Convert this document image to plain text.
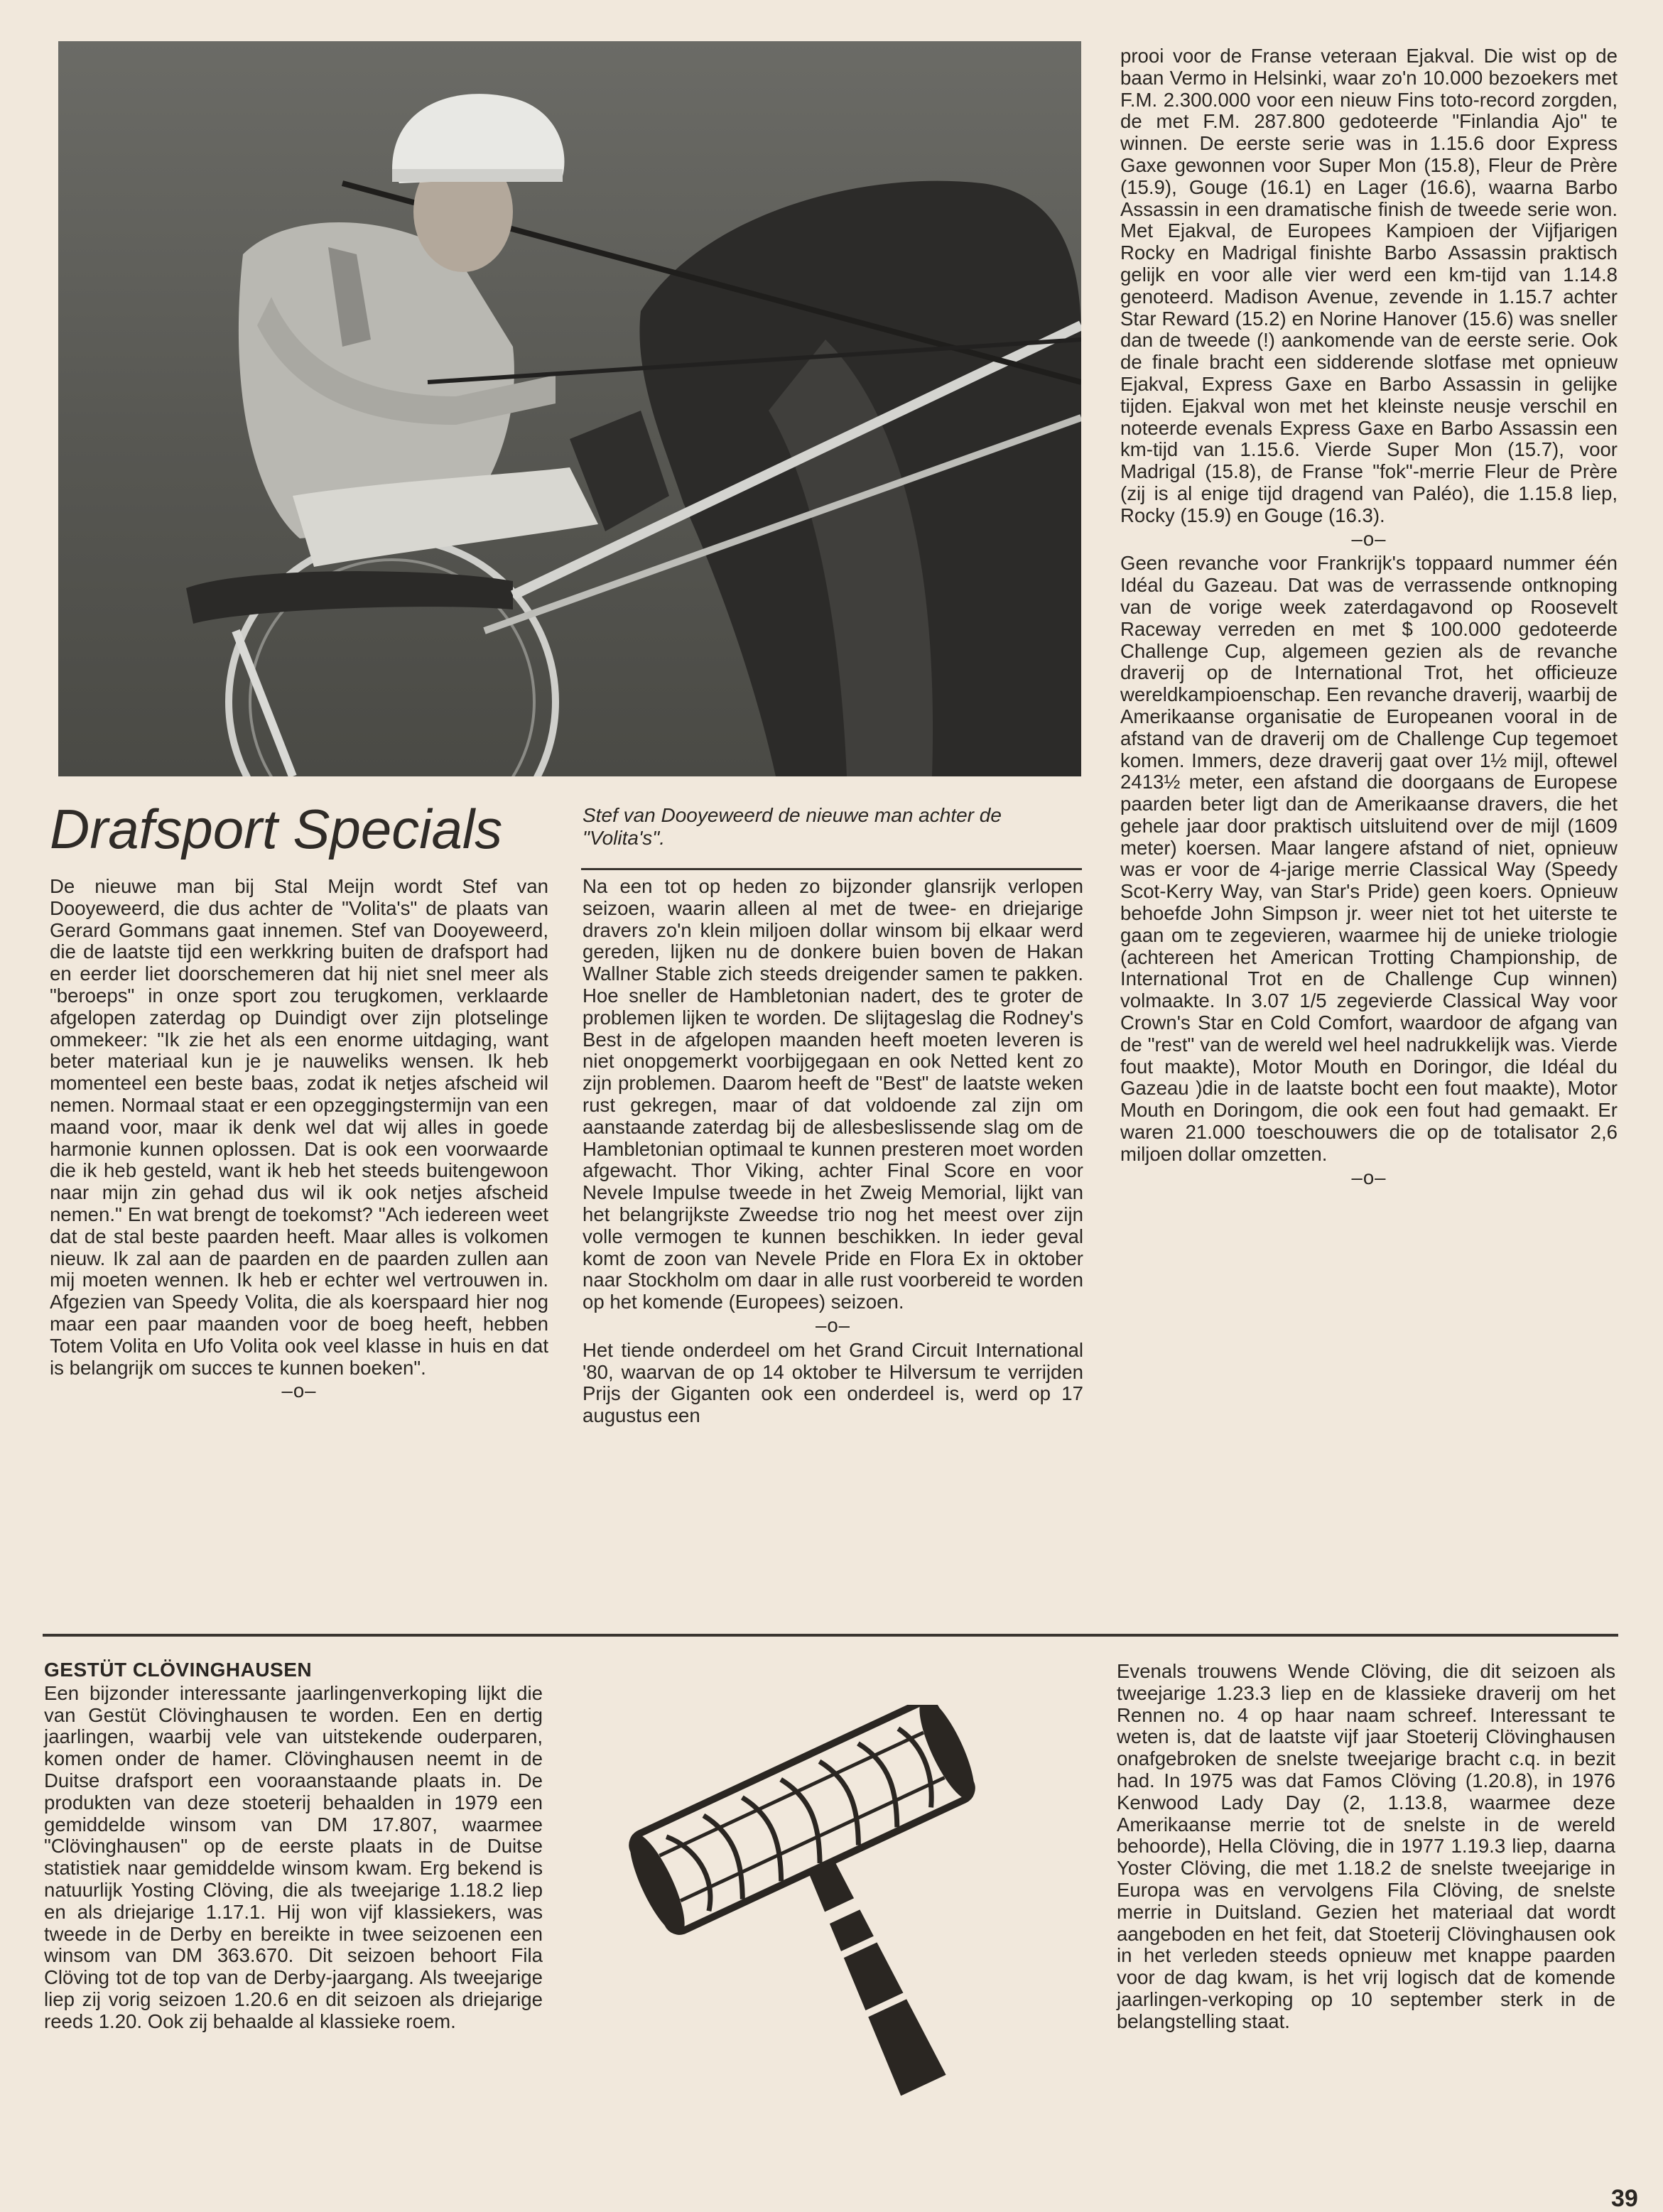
Drafsport Specials	Stef van Dooyeweerd de nieuwe man achter de "Volita's".

De nieuwe man bij Stal Meijn wordt Stef van Dooyeweerd, die dus achter de "Volita's" de plaats van Gerard Gommans gaat innemen. Stef van Dooyeweerd, die de laatste tijd een werkkring buiten de drafsport had en eerder liet doorschemeren dat hij niet snel meer als "beroeps" in onze sport zou terugkomen, verklaarde afgelopen zaterdag op Duindigt over zijn plotselinge ommekeer: "Ik zie het als een enorme uitdaging, want beter materiaal kun je je nauweliks wensen. Ik heb momenteel een beste baas, zodat ik netjes afscheid wil nemen. Normaal staat er een opzeggingstermijn van een maand voor, maar ik denk wel dat wij alles in goede harmonie kunnen oplossen. Dat is ook een voorwaarde die ik heb gesteld, want ik heb het steeds buitengewoon naar mijn zin gehad dus wil ik ook netjes afscheid nemen." En wat brengt de toekomst? "Ach iedereen weet dat de stal beste paarden heeft. Maar alles is volkomen nieuw. Ik zal aan de paarden en de paarden zullen aan mij moeten wennen. Ik heb er echter wel vertrouwen in. Afgezien van Speedy Volita, die als koerspaard hier nog maar een paar maanden voor de boeg heeft, hebben Totem Volita en Ufo Volita ook veel klasse in huis en dat is belangrijk om succes te kunnen boeken".

–o–

Na een tot op heden zo bijzonder glansrijk verlopen seizoen, waarin alleen al met de twee- en driejarige dravers zo'n klein miljoen dollar winsom bij elkaar werd gereden, lijken nu de donkere buien boven de Hakan Wallner Stable zich steeds dreigender samen te pakken. Hoe sneller de Hambletonian nadert, des te groter de problemen lijken te worden. De slijtageslag die Rodney's Best in de afgelopen maanden heeft moeten leveren is niet onopgemerkt voorbijgegaan en ook Netted kent zo zijn problemen. Daarom heeft de "Best" de laatste weken rust gekregen, maar of dat voldoende zal zijn om aanstaande zaterdag bij de allesbeslissende slag om de Hambletonian optimaal te kunnen presteren moet worden afgewacht. Thor Viking, achter Final Score en voor Nevele Impulse tweede in het Zweig Memorial, lijkt van het belangrijkste Zweedse trio nog het meest over zijn volle vermogen te kunnen beschikken. In ieder geval komt de zoon van Nevele Pride en Flora Ex in oktober naar Stockholm om daar in alle rust voorbereid te worden op het komende (Europees) seizoen.

–o–

Het tiende onderdeel om het Grand Circuit International '80, waarvan de op 14 oktober te Hilversum te verrijden Prijs der Giganten ook een onderdeel is, werd op 17 augustus een

prooi voor de Franse veteraan Ejakval. Die wist op de baan Vermo in Helsinki, waar zo'n 10.000 bezoekers met F.M. 2.300.000 voor een nieuw Fins toto-record zorgden, de met F.M. 287.800 gedoteerde "Finlandia Ajo" te winnen. De eerste serie was in 1.15.6 door Express Gaxe gewonnen voor Super Mon (15.8), Fleur de Prère (15.9), Gouge (16.1) en Lager (16.6), waarna Barbo Assassin in een dramatische finish de tweede serie won. Met Ejakval, de Europees Kampioen der Vijfjarigen Rocky en Madrigal finishte Barbo Assassin praktisch gelijk en voor alle vier werd een km-tijd van 1.14.8 genoteerd. Madison Avenue, zevende in 1.15.7 achter Star Reward (15.2) en Norine Hanover (15.6) was sneller dan de tweede (!) aankomende van de eerste serie. Ook de finale bracht een sidderende slotfase met opnieuw Ejakval, Express Gaxe en Barbo Assassin in gelijke tijden. Ejakval won met het kleinste neusje verschil en noteerde evenals Express Gaxe en Barbo Assassin een km-tijd van 1.15.6. Vierde Super Mon (15.7), voor Madrigal (15.8), de Franse "fok"-merrie Fleur de Prère (zij is al enige tijd dragend van Paléo), die 1.15.8 liep, Rocky (15.9) en Gouge (16.3).

–o–

Geen revanche voor Frankrijk's toppaard nummer één Idéal du Gazeau. Dat was de verrassende ontknoping van de vorige week zaterdagavond op Roosevelt Raceway verreden en met $ 100.000 gedoteerde Challenge Cup, algemeen gezien als de revanche draverij op de International Trot, het officieuze wereldkampioenschap. Een revanche draverij, waarbij de Amerikaanse organisatie de Europeanen vooral in de afstand van de draverij om de Challenge Cup tegemoet komen. Immers, deze draverij gaat over 1½ mijl, oftewel 2413½ meter, een afstand die doorgaans de Europese paarden beter ligt dan de Amerikaanse dravers, die het gehele jaar door praktisch uitsluitend over de mijl (1609 meter) koersen. Maar langere afstand of niet, opnieuw was er voor de 4-jarige merrie Classical Way (Speedy Scot-Kerry Way, van Star's Pride) geen koers. Opnieuw behoefde John Simpson jr. weer niet tot het uiterste te gaan om te zegevieren, waarmee hij de unieke triologie (achtereen het American Trotting Championship, de International Trot en de Challenge Cup winnen) volmaakte. In 3.07 1/5 zegevierde Classical Way voor Crown's Star en Cold Comfort, waardoor de afgang van de "rest" van de wereld wel heel nadrukkelijk was. Vierde fout maakte), Motor Mouth en Doringor, die Idéal du Gazeau )die in de laatste bocht een fout maakte), Motor Mouth en Doringom, die ook een fout had gemaakt. Er waren 21.000 toeschouwers die op de totalisator 2,6 miljoen dollar omzetten.

–o–
GESTÜT CLÖVINGHAUSEN

Een bijzonder interessante jaarlingenverkoping lijkt die van Gestüt Clövinghausen te worden. Een en dertig jaarlingen, waarbij vele van uitstekende ouderparen, komen onder de hamer. Clövinghausen neemt in de Duitse drafsport een vooraanstaande plaats in. De produkten van deze stoeterij behaalden in 1979 een gemiddelde winsom van DM 17.807, waarmee "Clövinghausen" op de eerste plaats in de Duitse statistiek naar gemiddelde winsom kwam. Erg bekend is natuurlijk Yosting Clöving, die als tweejarige 1.18.2 liep en als driejarige 1.17.1. Hij won vijf klassiekers, was tweede in de Derby en bereikte in twee seizoenen een winsom van DM 363.670. Dit seizoen behoort Fila Clöving tot de top van de Derby-jaargang. Als tweejarige liep zij vorig seizoen 1.20.6 en dit seizoen als driejarige reeds 1.20. Ook zij behaalde al klassieke roem.

Evenals trouwens Wende Clöving, die dit seizoen als tweejarige 1.23.3 liep en de klassieke draverij om het Rennen no. 4 op haar naam schreef. Interessant te weten is, dat de laatste vijf jaar Stoeterij Clövinghausen onafgebroken de snelste tweejarige bracht c.q. in bezit had. In 1975 was dat Famos Clöving (1.20.8), in 1976 Kenwood Lady Day (2, 1.13.8, waarmee deze Amerikaanse merrie tot de snelste in de wereld behoorde), Hella Clöving, die in 1977 1.19.3 liep, daarna Yoster Clöving, die met 1.18.2 de snelste tweejarige in Europa was en vervolgens Fila Clöving, de snelste merrie in Duitsland. Gezien het materiaal dat wordt aangeboden en het feit, dat Stoeterij Clövinghausen ook in het verleden steeds opnieuw met knappe paarden voor de dag kwam, is het vrij logisch dat de komende jaarlingen-verkoping op 10 september sterk in de belangstelling staat.

39
